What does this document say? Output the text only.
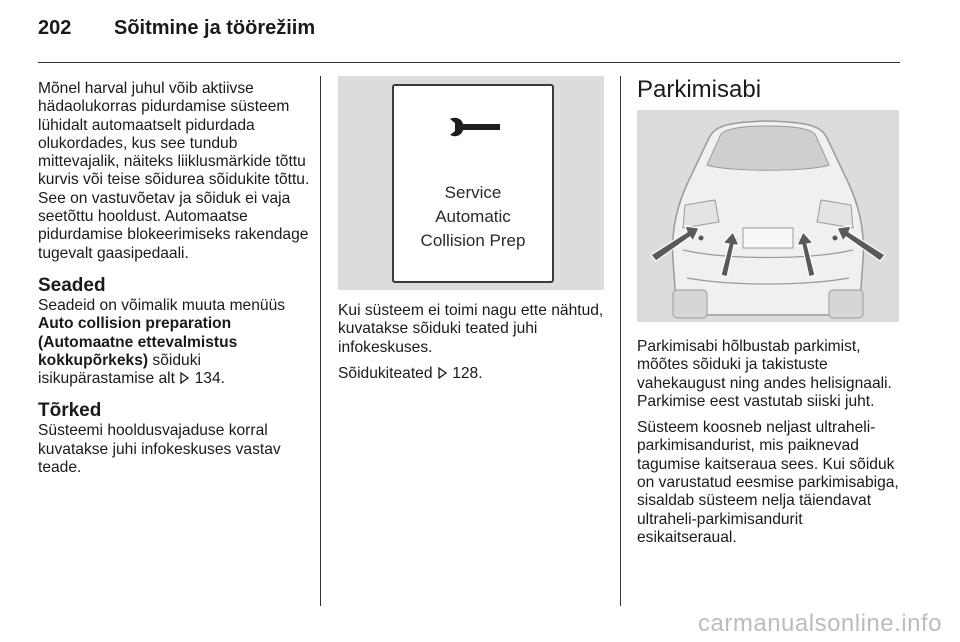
202 Sõitmine ja töörežiim

Mõnel harval juhul võib aktiivse hädaolukorras pidurdamise süsteem lühidalt automaatselt pidurdada olukordades, kus see tundub mittevajalik, näiteks liiklusmärkide tõttu kurvis või teise sõidurea sõidukite tõttu. See on vastuvõetav ja sõiduk ei vaja seetõttu hooldust. Automaatse pidurdamise blokeerimiseks rakendage tugevalt gaasipedaali.

Seaded

Seadeid on võimalik muuta menüüs Auto collision preparation (Automaatne ettevalmistus kokkupõrkeks) sõiduki isikupärastamise alt 134.

Tõrked

Süsteemi hooldusvajaduse korral kuvatakse juhi infokeskuses vastav teade.

Service
Automatic
Collision Prep

Kui süsteem ei toimi nagu ette nähtud, kuvatakse sõiduki teated juhi infokeskuses.

Sõidukiteated 128.

Parkimisabi

Parkimisabi hõlbustab parkimist, mõõtes sõiduki ja takistuste vahekaugust ning andes helisignaali. Parkimise eest vastutab siiski juht.

Süsteem koosneb neljast ultraheli-parkimisandurist, mis paiknevad tagumise kaitseraua sees. Kui sõiduk on varustatud eesmise parkimisabiga, sisaldab süsteem nelja täiendavat ultraheli-parkimisandurit esikaitseraual.

carmanualsonline.info
